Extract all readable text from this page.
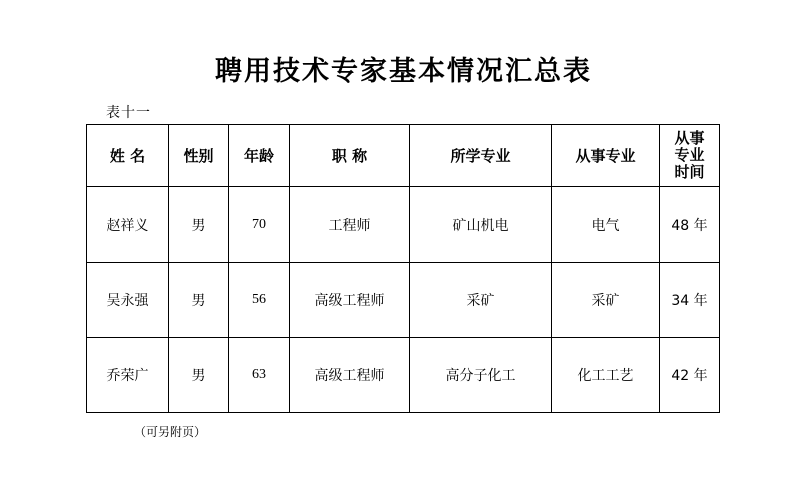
聘用技术专家基本情况汇总表
表十一
姓 名	性别	年龄	职 称	所学专业	从事专业	从事
专业
时间

赵祥义	男	70	工程师	矿山机电	电气	48 年
吴永强	男	56	高级工程师	采矿	采矿	34 年
乔荣广	男	63	高级工程师	高分子化工	化工工艺	42 年
（可另附页）
